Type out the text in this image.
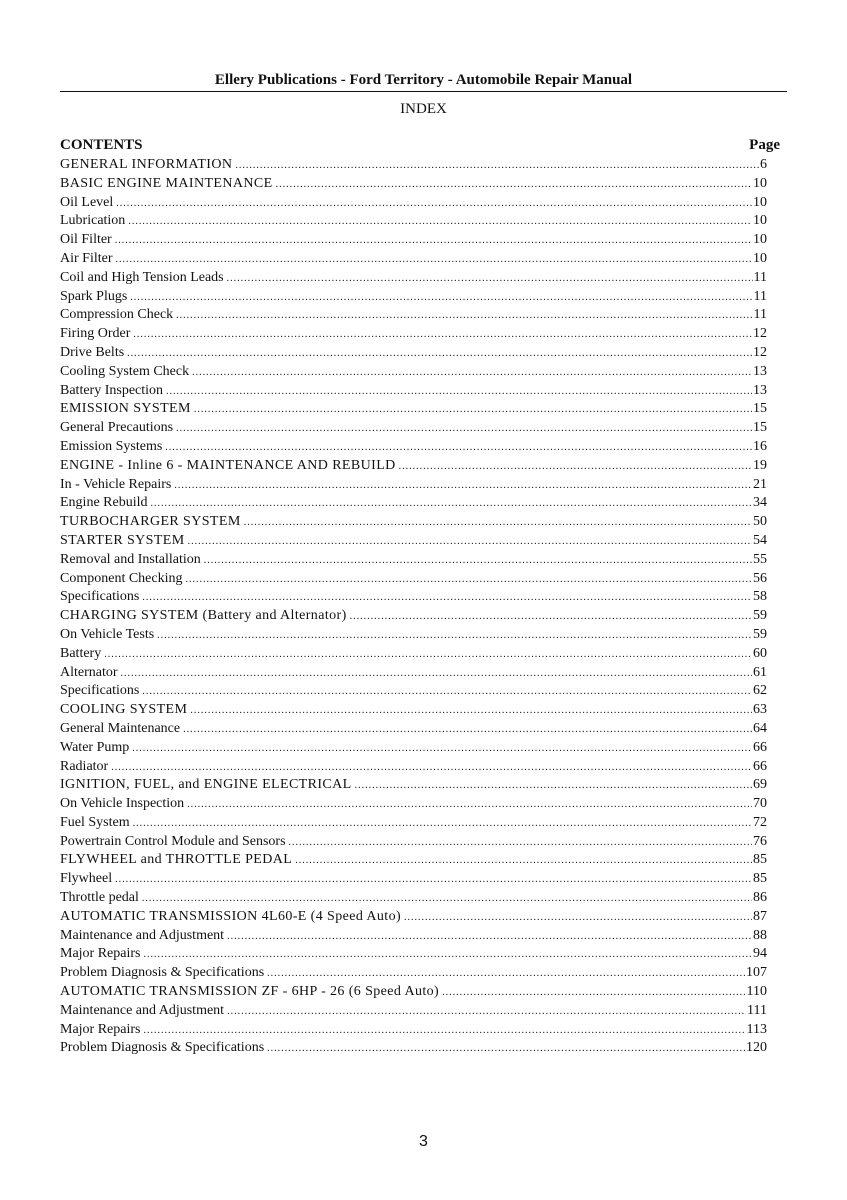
Ellery Publications - Ford Territory - Automobile Repair Manual
INDEX
CONTENTS	Page
GENERAL INFORMATION .....	6
BASIC ENGINE MAINTENANCE .....	10
Oil Level .....	10
Lubrication .....	10
Oil Filter .....	10
Air Filter .....	10
Coil and High Tension Leads .....	11
Spark Plugs .....	11
Compression Check .....	11
Firing Order .....	12
Drive Belts .....	12
Cooling System Check .....	13
Battery Inspection .....	13
EMISSION SYSTEM .....	15
General Precautions .....	15
Emission Systems .....	16
ENGINE - Inline 6 - MAINTENANCE AND REBUILD .....	19
In - Vehicle Repairs .....	21
Engine Rebuild .....	34
TURBOCHARGER SYSTEM .....	50
STARTER SYSTEM .....	54
Removal and Installation .....	55
Component Checking .....	56
Specifications .....	58
CHARGING SYSTEM (Battery and Alternator) .....	59
On Vehicle Tests .....	59
Battery .....	60
Alternator .....	61
Specifications .....	62
COOLING SYSTEM .....	63
General Maintenance .....	64
Water Pump .....	66
Radiator .....	66
IGNITION, FUEL, and ENGINE ELECTRICAL .....	69
On Vehicle Inspection .....	70
Fuel System .....	72
Powertrain Control Module and Sensors .....	76
FLYWHEEL and THROTTLE PEDAL .....	85
Flywheel .....	85
Throttle pedal .....	86
AUTOMATIC TRANSMISSION 4L60-E (4 Speed Auto) .....	87
Maintenance and Adjustment .....	88
Major Repairs .....	94
Problem Diagnosis & Specifications .....	107
AUTOMATIC TRANSMISSION ZF - 6HP - 26 (6 Speed Auto) .....	110
Maintenance and Adjustment .....	111
Major Repairs .....	113
Problem Diagnosis & Specifications .....	120
3
